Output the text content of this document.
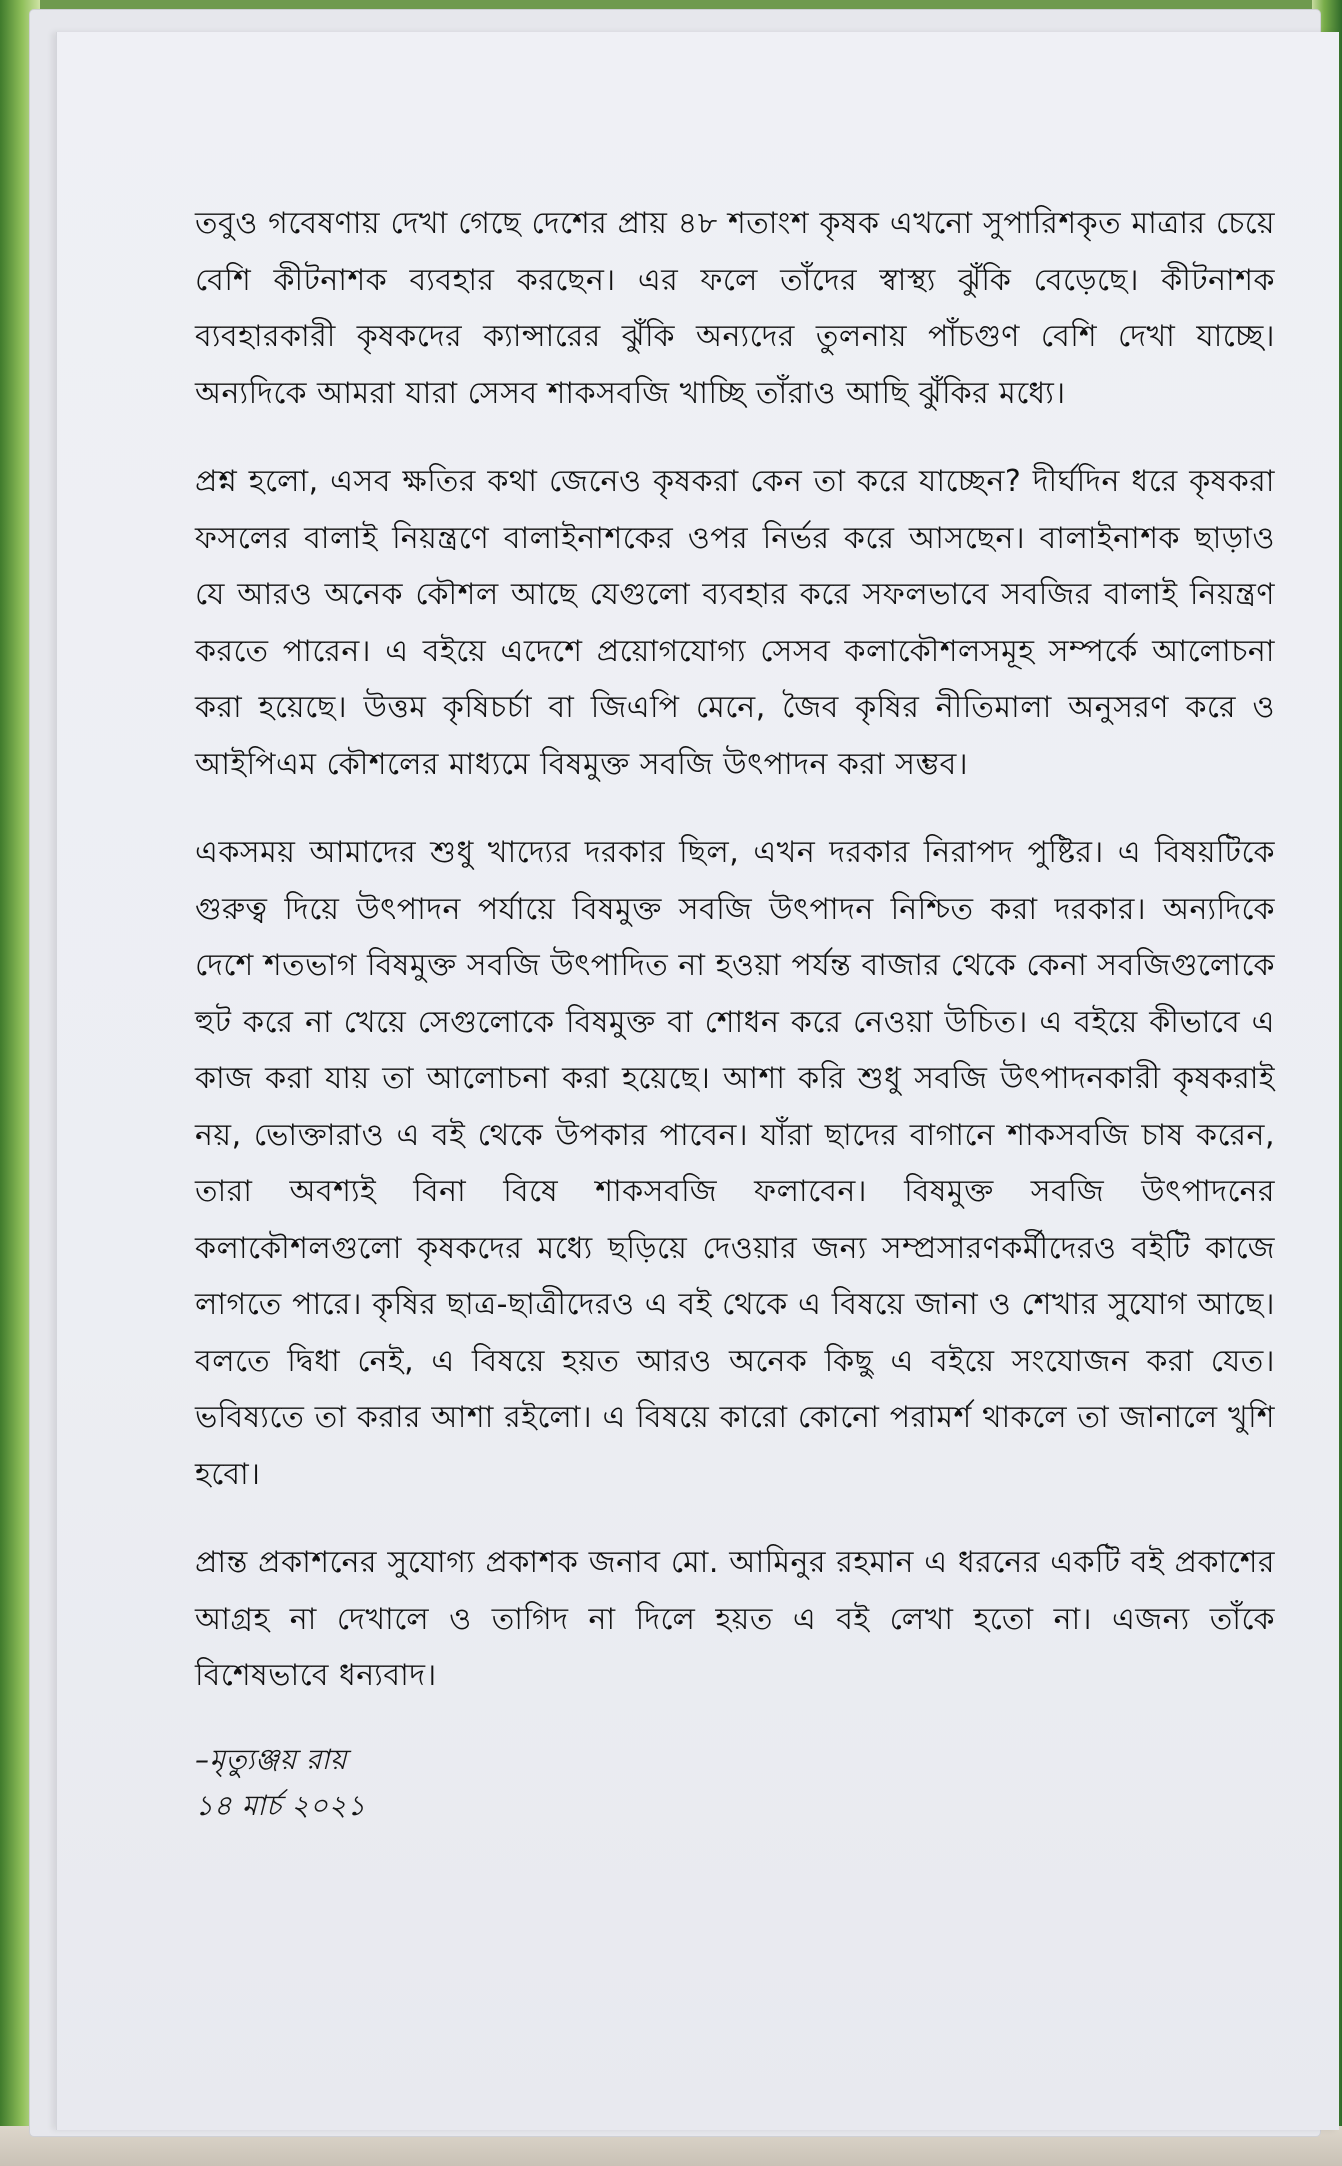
তবুও গবেষণায় দেখা গেছে দেশের প্রায় ৪৮ শতাংশ কৃষক এখনো সুপারিশকৃত মাত্রার চেয়ে বেশি কীটনাশক ব্যবহার করছেন। এর ফলে তাঁদের স্বাস্থ্য ঝুঁকি বেড়েছে। কীটনাশক ব্যবহারকারী কৃষকদের ক্যান্সারের ঝুঁকি অন্যদের তুলনায় পাঁচগুণ বেশি দেখা যাচ্ছে। অন্যদিকে আমরা যারা সেসব শাকসবজি খাচ্ছি তাঁরাও আছি ঝুঁকির মধ্যে।

প্রশ্ন হলো, এসব ক্ষতির কথা জেনেও কৃষকরা কেন তা করে যাচ্ছেন? দীর্ঘদিন ধরে কৃষকরা ফসলের বালাই নিয়ন্ত্রণে বালাইনাশকের ওপর নির্ভর করে আসছেন। বালাইনাশক ছাড়াও যে আরও অনেক কৌশল আছে যেগুলো ব্যবহার করে সফলভাবে সবজির বালাই নিয়ন্ত্রণ করতে পারেন। এ বইয়ে এদেশে প্রয়োগযোগ্য সেসব কলাকৌশলসমূহ সম্পর্কে আলোচনা করা হয়েছে। উত্তম কৃষিচর্চা বা জিএপি মেনে, জৈব কৃষির নীতিমালা অনুসরণ করে ও আইপিএম কৌশলের মাধ্যমে বিষমুক্ত সবজি উৎপাদন করা সম্ভব।

একসময় আমাদের শুধু খাদ্যের দরকার ছিল, এখন দরকার নিরাপদ পুষ্টির। এ বিষয়টিকে গুরুত্ব দিয়ে উৎপাদন পর্যায়ে বিষমুক্ত সবজি উৎপাদন নিশ্চিত করা দরকার। অন্যদিকে দেশে শতভাগ বিষমুক্ত সবজি উৎপাদিত না হওয়া পর্যন্ত বাজার থেকে কেনা সবজিগুলোকে হুট করে না খেয়ে সেগুলোকে বিষমুক্ত বা শোধন করে নেওয়া উচিত। এ বইয়ে কীভাবে এ কাজ করা যায় তা আলোচনা করা হয়েছে। আশা করি শুধু সবজি উৎপাদনকারী কৃষকরাই নয়, ভোক্তারাও এ বই থেকে উপকার পাবেন। যাঁরা ছাদের বাগানে শাকসবজি চাষ করেন, তারা অবশ্যই বিনা বিষে শাকসবজি ফলাবেন। বিষমুক্ত সবজি উৎপাদনের কলাকৌশলগুলো কৃষকদের মধ্যে ছড়িয়ে দেওয়ার জন্য সম্প্রসারণকর্মীদেরও বইটি কাজে লাগতে পারে। কৃষির ছাত্র-ছাত্রীদেরও এ বই থেকে এ বিষয়ে জানা ও শেখার সুযোগ আছে। বলতে দ্বিধা নেই, এ বিষয়ে হয়ত আরও অনেক কিছু এ বইয়ে সংযোজন করা যেত। ভবিষ্যতে তা করার আশা রইলো। এ বিষয়ে কারো কোনো পরামর্শ থাকলে তা জানালে খুশি হবো।

প্রান্ত প্রকাশনের সুযোগ্য প্রকাশক জনাব মো. আমিনুর রহমান এ ধরনের একটি বই প্রকাশের আগ্রহ না দেখালে ও তাগিদ না দিলে হয়ত এ বই লেখা হতো না। এজন্য তাঁকে বিশেষভাবে ধন্যবাদ।

–মৃত্যুঞ্জয় রায়
১৪ মার্চ ২০২১
